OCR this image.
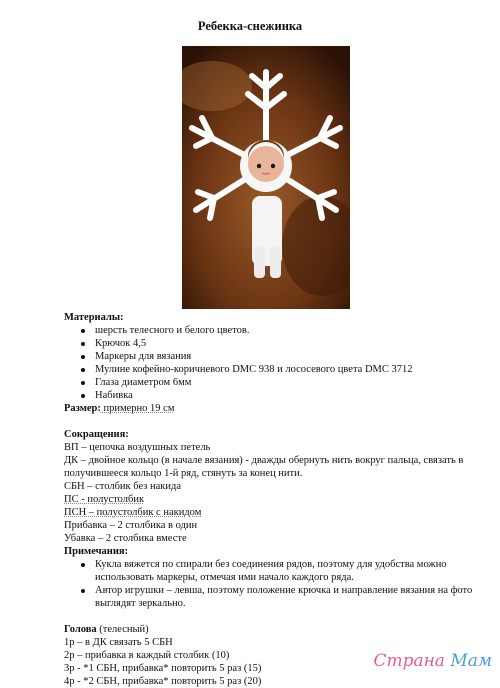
Ребекка-снежинка
Материалы:
шерсть телесного и белого цветов.
Крючок 4,5
Маркеры для вязания
Мулине кофейно-коричневого DMC 938 и лососевого цвета DMC 3712
Глаза диаметром 6мм
Набивка
Размер: примерно 19 см
Сокращения:
ВП – цепочка воздушных петель
ДК – двойное кольцо (в начале вязания) - дважды обернуть нить вокруг пальца, связать в
получившееся кольцо 1-й ряд, стянуть за конец нити.
СБН – столбик без накида
ПС - полустолбик
ПСН – полустолбик с накидом
Прибавка – 2 столбика в один
Убавка – 2 столбика вместе
Примечания:
Кукла вяжется по спирали без соединения рядов, поэтому для удобства можно использовать маркеры, отмечая ими начало каждого ряда.
Автор игрушки – левша, поэтому положение крючка и направление вязания на фото выглядят зеркально.
Голова (телесный)
1р – в ДК связать 5 СБН
2р – прибавка в каждый столбик (10)
3р - *1 СБН, прибавка* повторить 5 раз (15)
4р - *2 СБН, прибавка* повторить 5 раз (20)
Страна Мам
